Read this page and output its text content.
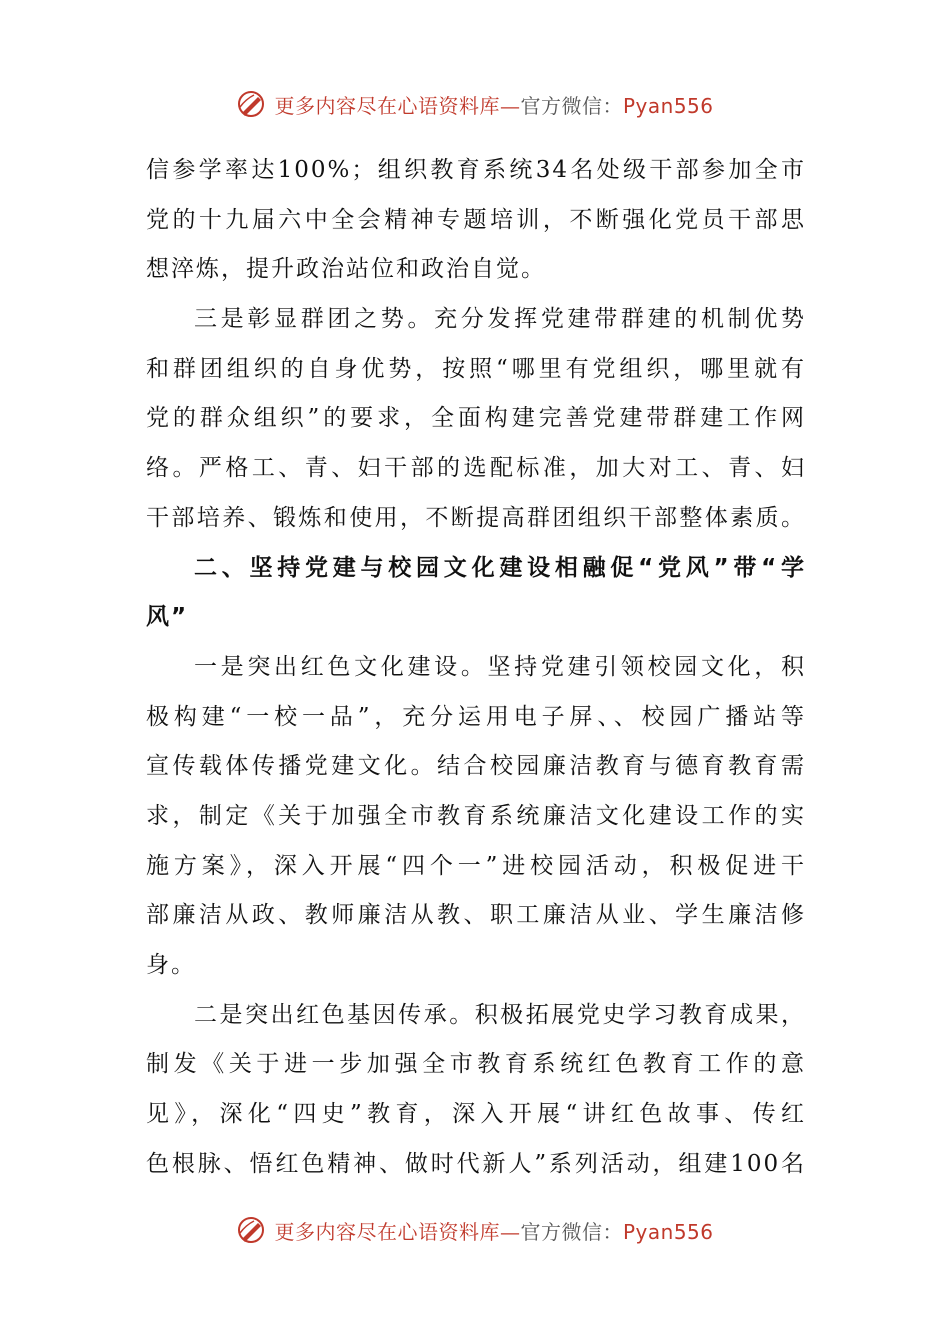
更多内容尽在心语资料库—官方微信：Pyan556
信参学率达100%；组织教育系统34名处级干部参加全市
党的十九届六中全会精神专题培训，不断强化党员干部思
想淬炼，提升政治站位和政治自觉。
三是彰显群团之势。充分发挥党建带群建的机制优势
和群团组织的自身优势，按照“哪里有党组织，哪里就有
党的群众组织”的要求，全面构建完善党建带群建工作网
络。严格工、青、妇干部的选配标准，加大对工、青、妇
干部培养、锻炼和使用，不断提高群团组织干部整体素质。
二、坚持党建与校园文化建设相融促“党风”带“学
风”
一是突出红色文化建设。坚持党建引领校园文化，积
极构建“一校一品”，充分运用电子屏、、校园广播站等
宣传载体传播党建文化。结合校园廉洁教育与德育教育需
求，制定《关于加强全市教育系统廉洁文化建设工作的实
施方案》，深入开展“四个一”进校园活动，积极促进干
部廉洁从政、教师廉洁从教、职工廉洁从业、学生廉洁修
身。
二是突出红色基因传承。积极拓展党史学习教育成果，
制发《关于进一步加强全市教育系统红色教育工作的意
见》，深化“四史”教育，深入开展“讲红色故事、传红
色根脉、悟红色精神、做时代新人”系列活动，组建100名
更多内容尽在心语资料库—官方微信：Pyan556
